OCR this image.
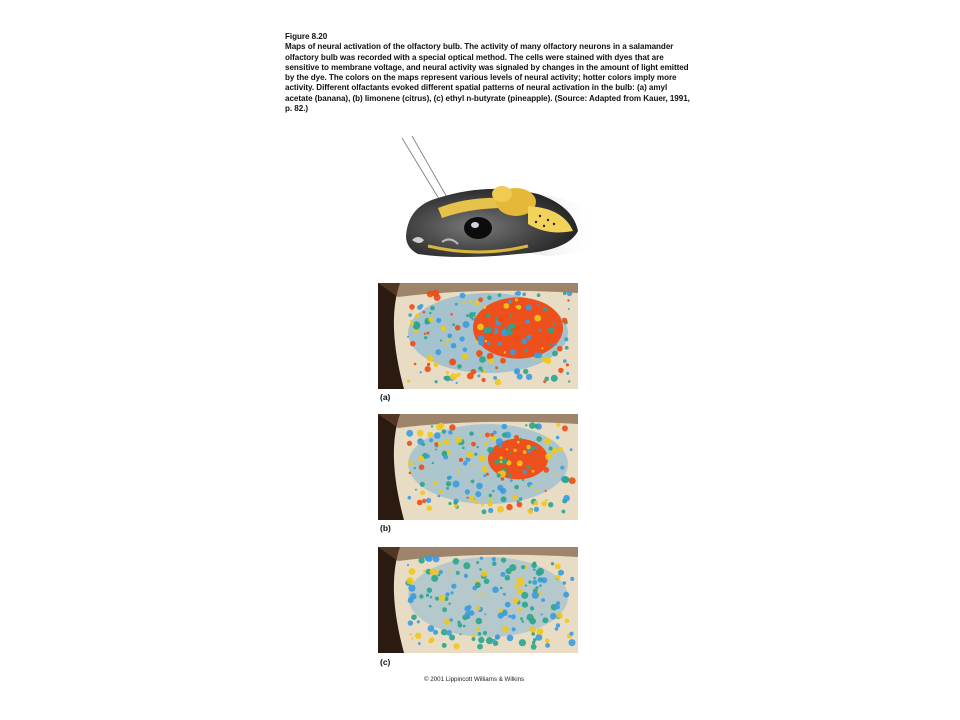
Figure 8.20
Maps of neural activation of the olfactory bulb. The activity of many olfactory neurons in a salamander olfactory bulb was recorded with a special optical method. The cells were stained with dyes that are sensitive to membrane voltage, and neural activity was signaled by changes in the amount of light emitted by the dye. The colors on the maps represent various levels of neural activity; hotter colors imply more activity. Different olfactants evoked different spatial patterns of neural activation in the bulb: (a) amyl acetate (banana), (b) limonene (citrus), (c) ethyl n-butyrate (pineapple). (Source: Adapted from Kauer, 1991, p. 82.)
(a)
(b)
(c)
© 2001 Lippincott Williams & Wilkins
